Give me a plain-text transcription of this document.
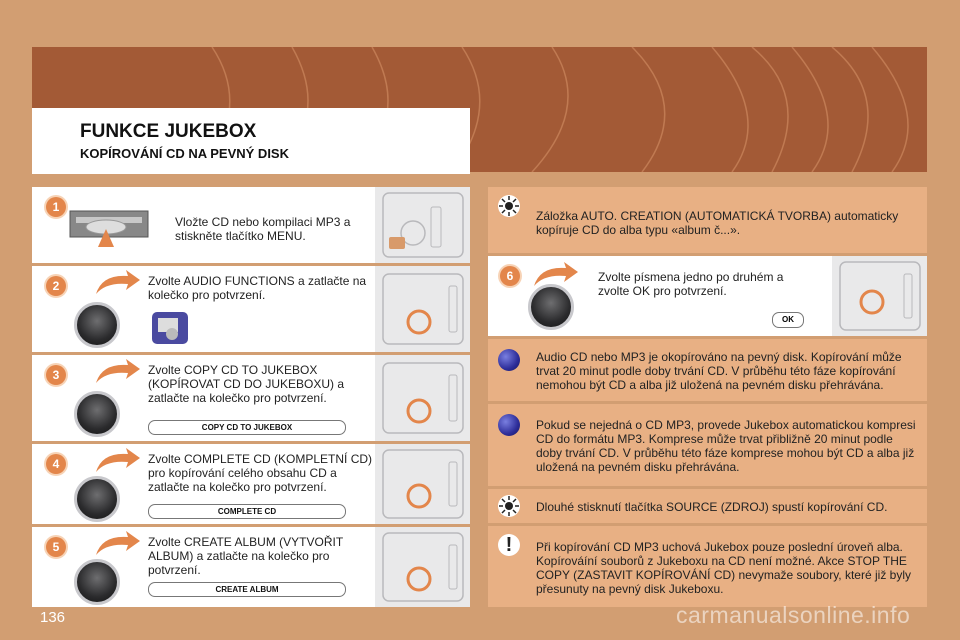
FUNKCE JUKEBOX
KOPÍROVÁNÍ CD NA PEVNÝ DISK
1
Vložte CD nebo kompilaci MP3 a stiskněte tlačítko MENU.
2	Zvolte AUDIO FUNCTIONS a zatlačte na kolečko pro potvrzení.
3	Zvolte COPY CD TO JUKEBOX (KOPÍROVAT CD DO JUKEBOXU) a zatlačte na kolečko pro potvrzení.
COPY CD TO JUKEBOX
4	Zvolte COMPLETE CD (KOMPLETNÍ CD) pro kopírování celého obsahu CD a zatlačte na kolečko pro potvrzení.
COMPLETE CD
5	Zvolte CREATE ALBUM (VYTVOŘIT ALBUM) a zatlačte na kolečko pro potvrzení.
CREATE ALBUM
Záložka AUTO. CREATION (AUTOMATICKÁ TVORBA) automaticky kopíruje CD do alba typu «album č...».
6	Zvolte písmena jedno po druhém a zvolte OK pro potvrzení.
OK
Audio CD nebo MP3 je okopírováno na pevný disk. Kopírování může trvat 20 minut podle doby trvání CD. V průběhu této fáze kopírování nemohou být CD a alba již uložená na pevném disku přehrávána.
Pokud se nejedná o CD MP3, provede Jukebox automatickou kompresi CD do formátu MP3. Komprese může trvat přibližně 20 minut podle doby trvání CD. V průběhu této fáze komprese mohou být CD a alba již uložená na pevném disku přehrávána.
Dlouhé stisknutí tlačítka SOURCE (ZDROJ) spustí kopírování CD.
!	Při kopírování CD MP3 uchová Jukebox pouze poslední úroveň alba. Kopírováíní souborů z Jukeboxu na CD není možné. Akce STOP THE COPY (ZASTAVIT KOPÍROVÁNÍ CD) nevymaže soubory, které již byly přesunuty na pevný disk Jukeboxu.
136	carmanualsonline.info
